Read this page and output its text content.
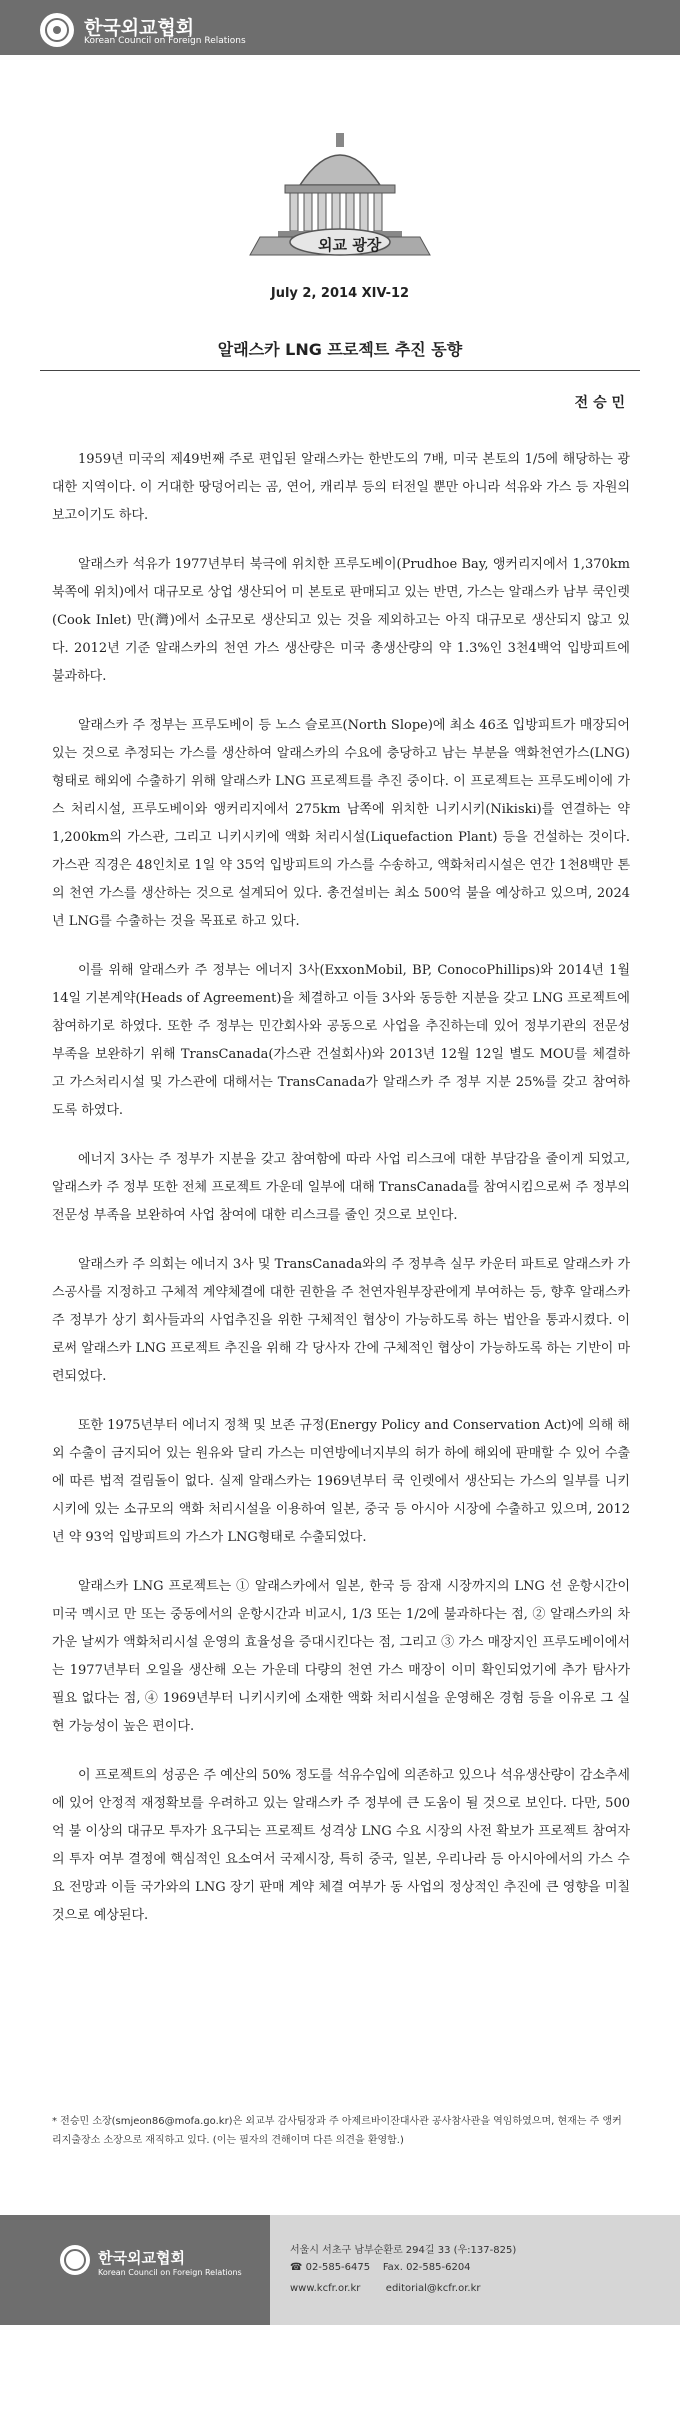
한국외교협회
Korean Council on Foreign Relations
외교 광장
July 2, 2014 XIV-12
알래스카 LNG 프로젝트 추진 동향
전 승 민

1959년 미국의 제49번째 주로 편입된 알래스카는 한반도의 7배, 미국 본토의 1/5에 해당하는 광대한 지역이다. 이 거대한 땅덩어리는 곰, 연어, 캐리부 등의 터전일 뿐만 아니라 석유와 가스 등 자원의 보고이기도 하다.

알래스카 석유가 1977년부터 북극에 위치한 프루도베이(Prudhoe Bay, 앵커리지에서 1,370km 북쪽에 위치)에서 대규모로 상업 생산되어 미 본토로 판매되고 있는 반면, 가스는 알래스카 남부 쿡인렛(Cook Inlet) 만(灣)에서 소규모로 생산되고 있는 것을 제외하고는 아직 대규모로 생산되지 않고 있다. 2012년 기준 알래스카의 천연 가스 생산량은 미국 총생산량의 약 1.3%인 3천4백억 입방피트에 불과하다.

알래스카 주 정부는 프루도베이 등 노스 슬로프(North Slope)에 최소 46조 입방피트가 매장되어 있는 것으로 추정되는 가스를 생산하여 알래스카의 수요에 충당하고 남는 부분을 액화천연가스(LNG) 형태로 해외에 수출하기 위해 알래스카 LNG 프로젝트를 추진 중이다. 이 프로젝트는 프루도베이에 가스 처리시설, 프루도베이와 앵커리지에서 275km 남쪽에 위치한 니키시키(Nikiski)를 연결하는 약 1,200km의 가스관, 그리고 니키시키에 액화 처리시설(Liquefaction Plant) 등을 건설하는 것이다. 가스관 직경은 48인치로 1일 약 35억 입방피트의 가스를 수송하고, 액화처리시설은 연간 1천8백만 톤의 천연 가스를 생산하는 것으로 설계되어 있다. 총건설비는 최소 500억 불을 예상하고 있으며, 2024년 LNG를 수출하는 것을 목표로 하고 있다.

이를 위해 알래스카 주 정부는 에너지 3사(ExxonMobil, BP, ConocoPhillips)와 2014년 1월 14일 기본계약(Heads of Agreement)을 체결하고 이들 3사와 동등한 지분을 갖고 LNG 프로젝트에 참여하기로 하였다. 또한 주 정부는 민간회사와 공동으로 사업을 추진하는데 있어 정부기관의 전문성 부족을 보완하기 위해 TransCanada(가스관 건설회사)와 2013년 12월 12일 별도 MOU를 체결하고 가스처리시설 및 가스관에 대해서는 TransCanada가 알래스카 주 정부 지분 25%를 갖고 참여하도록 하였다.

에너지 3사는 주 정부가 지분을 갖고 참여함에 따라 사업 리스크에 대한 부담감을 줄이게 되었고, 알래스카 주 정부 또한 전체 프로젝트 가운데 일부에 대해 TransCanada를 참여시킴으로써 주 정부의 전문성 부족을 보완하여 사업 참여에 대한 리스크를 줄인 것으로 보인다.

알래스카 주 의회는 에너지 3사 및 TransCanada와의 주 정부측 실무 카운터 파트로 알래스카 가스공사를 지정하고 구체적 계약체결에 대한 권한을 주 천연자원부장관에게 부여하는 등, 향후 알래스카 주 정부가 상기 회사들과의 사업추진을 위한 구체적인 협상이 가능하도록 하는 법안을 통과시켰다. 이로써 알래스카 LNG 프로젝트 추진을 위해 각 당사자 간에 구체적인 협상이 가능하도록 하는 기반이 마련되었다.

또한 1975년부터 에너지 정책 및 보존 규정(Energy Policy and Conservation Act)에 의해 해외 수출이 금지되어 있는 원유와 달리 가스는 미연방에너지부의 허가 하에 해외에 판매할 수 있어 수출에 따른 법적 걸림돌이 없다. 실제 알래스카는 1969년부터 쿡 인렛에서 생산되는 가스의 일부를 니키시키에 있는 소규모의 액화 처리시설을 이용하여 일본, 중국 등 아시아 시장에 수출하고 있으며, 2012년 약 93억 입방피트의 가스가 LNG형태로 수출되었다.

알래스카 LNG 프로젝트는 ① 알래스카에서 일본, 한국 등 잠재 시장까지의 LNG 선 운항시간이 미국 멕시코 만 또는 중동에서의 운항시간과 비교시, 1/3 또는 1/2에 불과하다는 점, ② 알래스카의 차가운 날씨가 액화처리시설 운영의 효율성을 증대시킨다는 점, 그리고 ③ 가스 매장지인 프루도베이에서는 1977년부터 오일을 생산해 오는 가운데 다량의 천연 가스 매장이 이미 확인되었기에 추가 탐사가 필요 없다는 점, ④ 1969년부터 니키시키에 소재한 액화 처리시설을 운영해온 경험 등을 이유로 그 실현 가능성이 높은 편이다.

이 프로젝트의 성공은 주 예산의 50% 정도를 석유수입에 의존하고 있으나 석유생산량이 감소추세에 있어 안정적 재정확보를 우려하고 있는 알래스카 주 정부에 큰 도움이 될 것으로 보인다. 다만, 500억 불 이상의 대규모 투자가 요구되는 프로젝트 성격상 LNG 수요 시장의 사전 확보가 프로젝트 참여자의 투자 여부 결정에 핵심적인 요소여서 국제시장, 특히 중국, 일본, 우리나라 등 아시아에서의 가스 수요 전망과 이들 국가와의 LNG 장기 판매 계약 체결 여부가 동 사업의 정상적인 추진에 큰 영향을 미칠 것으로 예상된다.

* 전승민 소장(smjeon86@mofa.go.kr)은 외교부 감사팀장과 주 아제르바이잔대사관 공사참사관을 역임하였으며, 현재는 주 앵커리지출장소 소장으로 재직하고 있다. (이는 필자의 견해이며 다른 의견을 환영함.)
한국외교협회
Korean Council on Foreign Relations
서울시 서초구 남부순환로 294길 33 (우:137-825)
☎ 02-585-6475    Fax. 02-585-6204
www.kcfr.or.kr        editorial@kcfr.or.kr
